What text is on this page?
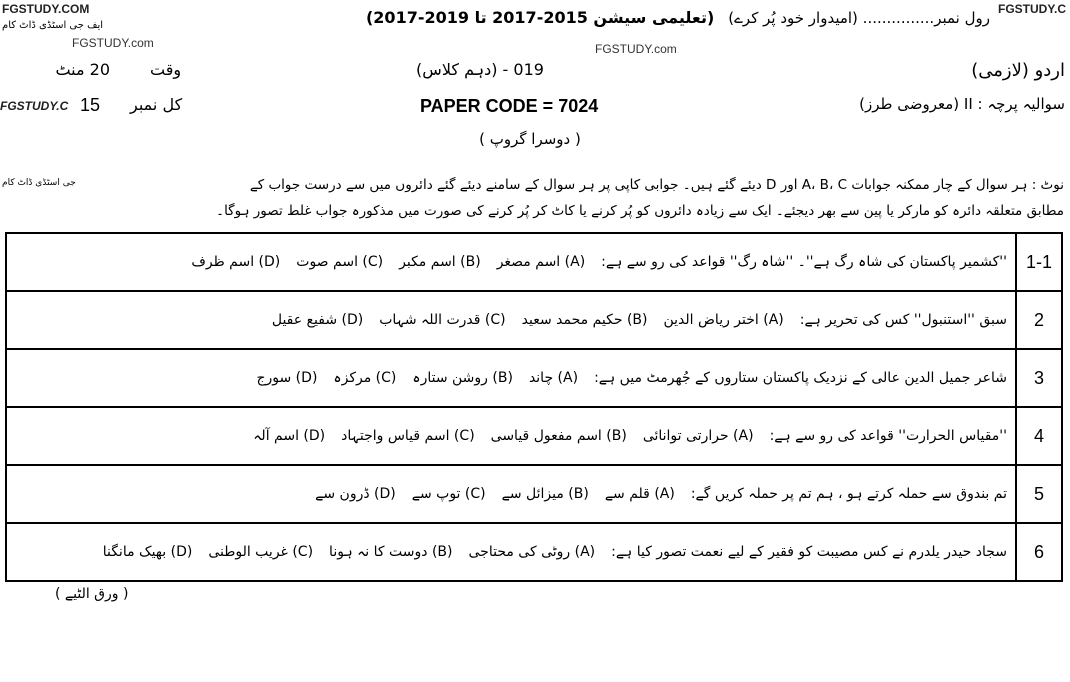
FGSTUDY.COM	FGSTUDY.C
ایف جی اسٹڈی ڈاٹ کام	رول نمبر............... (امیدوار خود پُر کرے)
(تعلیمی سیشن 2015-2017 تا 2019-2017)
FGSTUDY.com	FGSTUDY.com
اردو (لازمی)
019 - (دہم کلاس)
20 منٹ	وقت
FGSTUDY.C 15 کل نمبر	PAPER CODE = 7024	سوالیہ پرچہ : II (معروضی طرز)
( دوسرا گروپ )
جی اسٹڈی ڈاٹ کام	نوٹ : ہر سوال کے چار ممکنہ جوابات A، B، C اور D دیئے گئے ہیں۔ جوابی کاپی پر ہر سوال کے سامنے دیئے گئے دائروں میں سے درست جواب کے
مطابق متعلقہ دائرہ کو مارکر یا پین سے بھر دیجئے۔ ایک سے زیادہ دائروں کو پُر کرنے یا کاٹ کر پُر کرنے کی صورت میں مذکورہ جواب غلط تصور ہوگا۔
''کشمیر پاکستان کی شاہ رگ ہے''۔ ''شاہ رگ'' قواعد کی رو سے ہے:(A) اسم مصغر(B) اسم مکبر(C) اسم صوت(D) اسم ظرف	1-1
سبق ''استنبول'' کس کی تحریر ہے:(A) اختر ریاض الدین(B) حکیم محمد سعید(C) قدرت اللہ شہاب(D) شفیع عقیل	2
شاعر جمیل الدین عالی کے نزدیک پاکستان ستاروں کے جُھرمٹ میں ہے:(A) چاند(B) روشن ستارہ(C) مرکزہ(D) سورج	3
''مقیاس الحرارت'' قواعد کی رو سے ہے:(A) حرارتی توانائی(B) اسم مفعول قیاسی(C) اسم قیاس واجتہاد(D) اسم آلہ	4
تم بندوق سے حملہ کرتے ہو ، ہم تم پر حملہ کریں گے:(A) قلم سے(B) میزائل سے(C) توپ سے(D) ڈرون سے	5
سجاد حیدر یلدرم نے کس مصیبت کو فقیر کے لیے نعمت تصور کیا ہے:(A) روٹی کی محتاجی(B) دوست کا نہ ہونا(C) غریب الوطنی(D) بھیک مانگنا	6
( ورق الٹیے )
